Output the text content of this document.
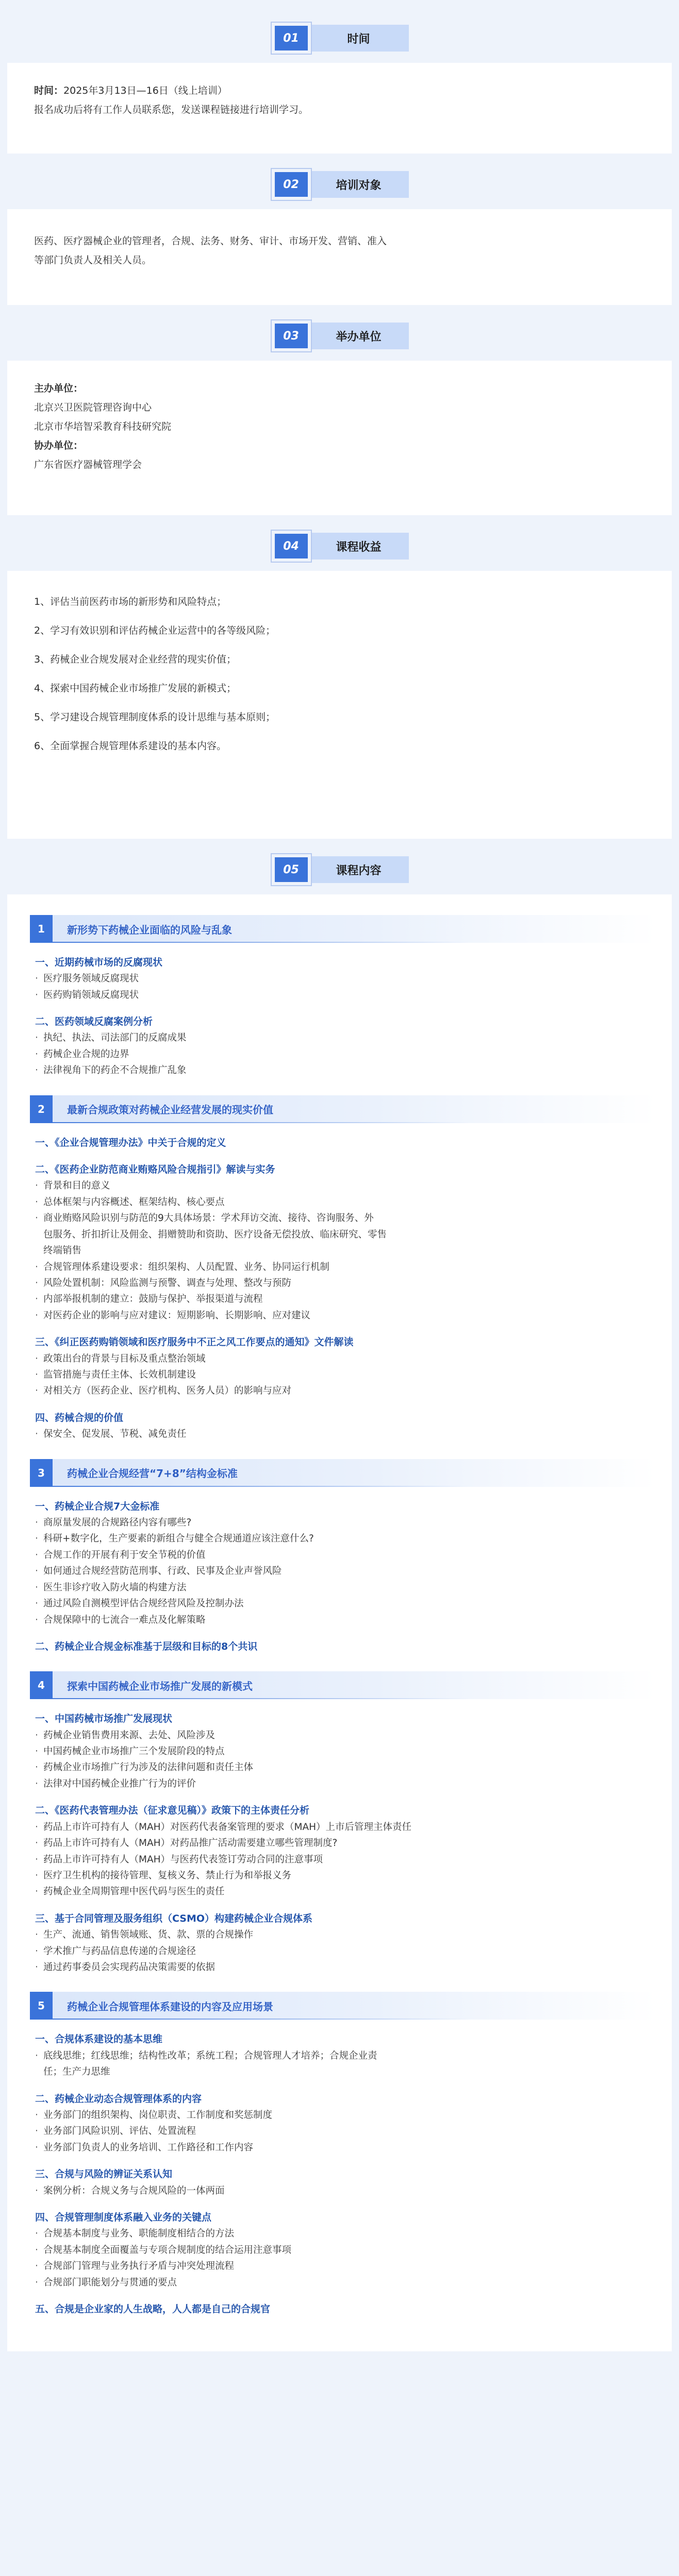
01	时间
时间：2025年3月13日—16日（线上培训）
报名成功后将有工作人员联系您，发送课程链接进行培训学习。
02	培训对象
医药、医疗器械企业的管理者，合规、法务、财务、审计、市场开发、营销、准入
等部门负责人及相关人员。
03	举办单位
主办单位：
北京兴卫医院管理咨询中心
北京市华培智采教育科技研究院
协办单位：
广东省医疗器械管理学会
04	课程收益
1、评估当前医药市场的新形势和风险特点；
2、学习有效识别和评估药械企业运营中的各等级风险；
3、药械企业合规发展对企业经营的现实价值；
4、探索中国药械企业市场推广发展的新模式；
5、学习建设合规管理制度体系的设计思维与基本原则；
6、全面掌握合规管理体系建设的基本内容。
05	课程内容
1	新形势下药械企业面临的风险与乱象
一、近期药械市场的反腐现状
· 医疗服务领域反腐现状
· 医药购销领域反腐现状
二、医药领域反腐案例分析
· 执纪、执法、司法部门的反腐成果
· 药械企业合规的边界
· 法律视角下的药企不合规推广乱象
2	最新合规政策对药械企业经营发展的现实价值
一、《企业合规管理办法》中关于合规的定义
二、《医药企业防范商业贿赂风险合规指引》解读与实务
· 背景和目的意义
· 总体框架与内容概述、框架结构、核心要点
· 商业贿赂风险识别与防范的9大具体场景：学术拜访交流、接待、咨询服务、外
包服务、折扣折让及佣金、捐赠赞助和资助、医疗设备无偿投放、临床研究、零售
终端销售
· 合规管理体系建设要求：组织架构、人员配置、业务、协同运行机制
· 风险处置机制：风险监测与预警、调查与处理、整改与预防
· 内部举报机制的建立：鼓励与保护、举报渠道与流程
· 对医药企业的影响与应对建议：短期影响、长期影响、应对建议
三、《纠正医药购销领域和医疗服务中不正之风工作要点的通知》文件解读
· 政策出台的背景与目标及重点整治领域
· 监管措施与责任主体、长效机制建设
· 对相关方（医药企业、医疗机构、医务人员）的影响与应对
四、药械合规的价值
· 保安全、促发展、节税、减免责任
3	药械企业合规经营“7+8”结构金标准
一、药械企业合规7大金标准
· 商原量发展的合规路径内容有哪些?
· 科研+数字化，生产要素的新组合与健全合规通道应该注意什么?
· 合规工作的开展有利于安全节税的价值
· 如何通过合规经营防范刑事、行政、民事及企业声誉风险
· 医生非诊疗收入防火墙的构建方法
· 通过风险自测模型评估合规经营风险及控制办法
· 合规保障中的七流合一难点及化解策略
二、药械企业合规金标准基于层级和目标的8个共识
4	探索中国药械企业市场推广发展的新模式
一、中国药械市场推广发展现状
· 药械企业销售费用来源、去处、风险涉及
· 中国药械企业市场推广三个发展阶段的特点
· 药械企业市场推广行为涉及的法律问题和责任主体
· 法律对中国药械企业推广行为的评价
二、《医药代表管理办法（征求意见稿）》政策下的主体责任分析
· 药品上市许可持有人（MAH）对医药代表备案管理的要求（MAH）上市后管理主体责任
· 药品上市许可持有人（MAH）对药品推广活动需要建立哪些管理制度?
· 药品上市许可持有人（MAH）与医药代表签订劳动合同的注意事项
· 医疗卫生机构的接待管理、复核义务、禁止行为和举报义务
· 药械企业全周期管理中医代码与医生的责任
三、基于合同管理及服务组织（CSMO）构建药械企业合规体系
· 生产、流通、销售领域账、货、款、票的合规操作
· 学术推广与药品信息传递的合规途径
· 通过药事委员会实现药品决策需要的依据
5	药械企业合规管理体系建设的内容及应用场景
一、合规体系建设的基本思维
· 底线思维；红线思维；结构性改革；系统工程；合规管理人才培养；合规企业责
任；生产力思维
二、药械企业动态合规管理体系的内容
· 业务部门的组织架构、岗位职责、工作制度和奖惩制度
· 业务部门风险识别、评估、处置流程
· 业务部门负责人的业务培训、工作路径和工作内容
三、合规与风险的辨证关系认知
· 案例分析：合规义务与合规风险的一体两面
四、合规管理制度体系融入业务的关键点
· 合规基本制度与业务、职能制度相结合的方法
· 合规基本制度全面覆盖与专项合规制度的结合运用注意事项
· 合规部门管理与业务执行矛盾与冲突处理流程
· 合规部门职能划分与贯通的要点
五、合规是企业家的人生战略，人人都是自己的合规官
